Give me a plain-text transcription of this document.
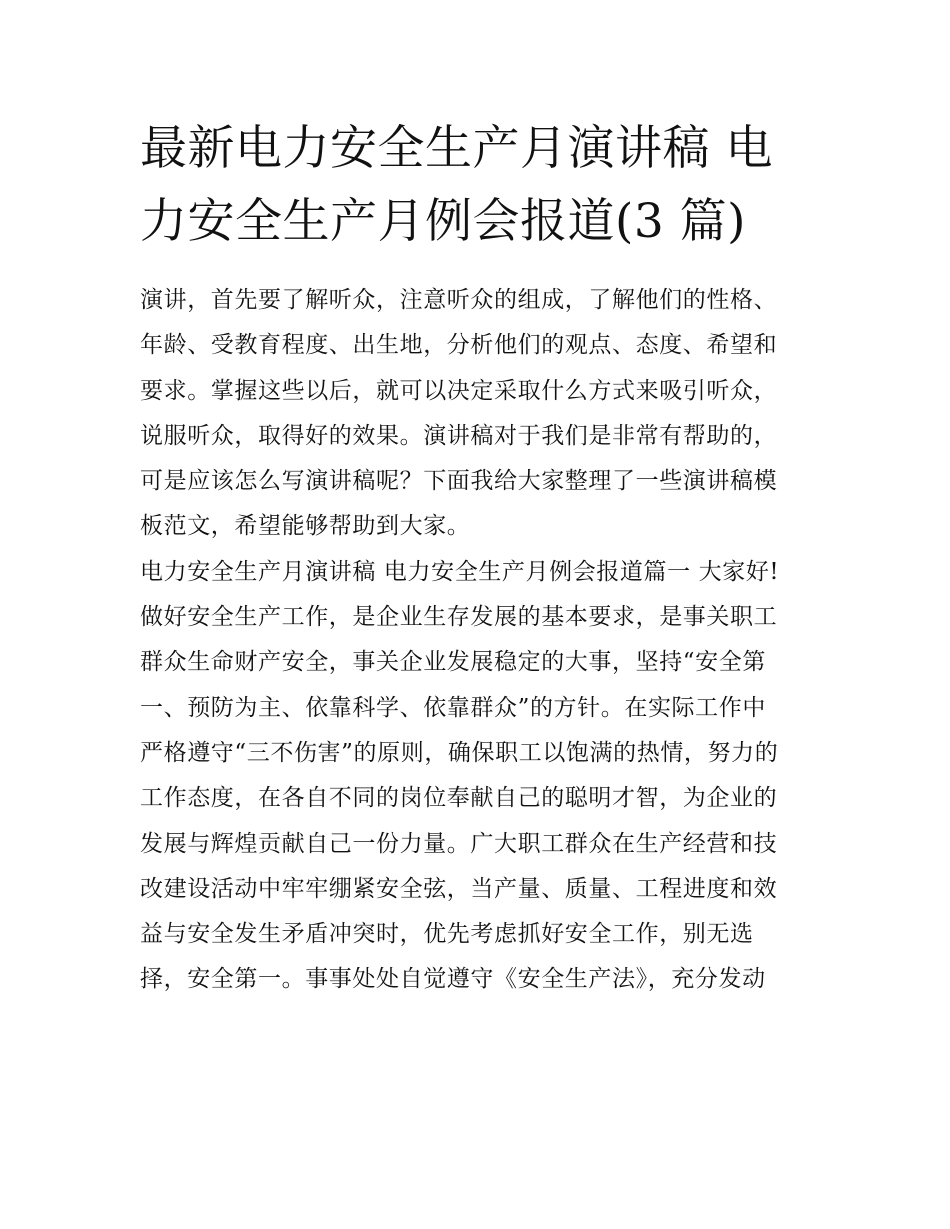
最新电力安全生产月演讲稿 电
力安全生产月例会报道(3 篇)
演讲，首先要了解听众，注意听众的组成，了解他们的性格、
年龄、受教育程度、出生地，分析他们的观点、态度、希望和
要求。掌握这些以后，就可以决定采取什么方式来吸引听众，
说服听众，取得好的效果。演讲稿对于我们是非常有帮助的，
可是应该怎么写演讲稿呢？下面我给大家整理了一些演讲稿模
板范文，希望能够帮助到大家。
电力安全生产月演讲稿 电力安全生产月例会报道篇一 大家好!
做好安全生产工作，是企业生存发展的基本要求，是事关职工
群众生命财产安全，事关企业发展稳定的大事，坚持“安全第
一、预防为主、依靠科学、依靠群众”的方针。在实际工作中
严格遵守“三不伤害”的原则，确保职工以饱满的热情，努力的
工作态度，在各自不同的岗位奉献自己的聪明才智，为企业的
发展与辉煌贡献自己一份力量。广大职工群众在生产经营和技
改建设活动中牢牢绷紧安全弦，当产量、质量、工程进度和效
益与安全发生矛盾冲突时，优先考虑抓好安全工作，别无选
择，安全第一。事事处处自觉遵守《安全生产法》，充分发动
